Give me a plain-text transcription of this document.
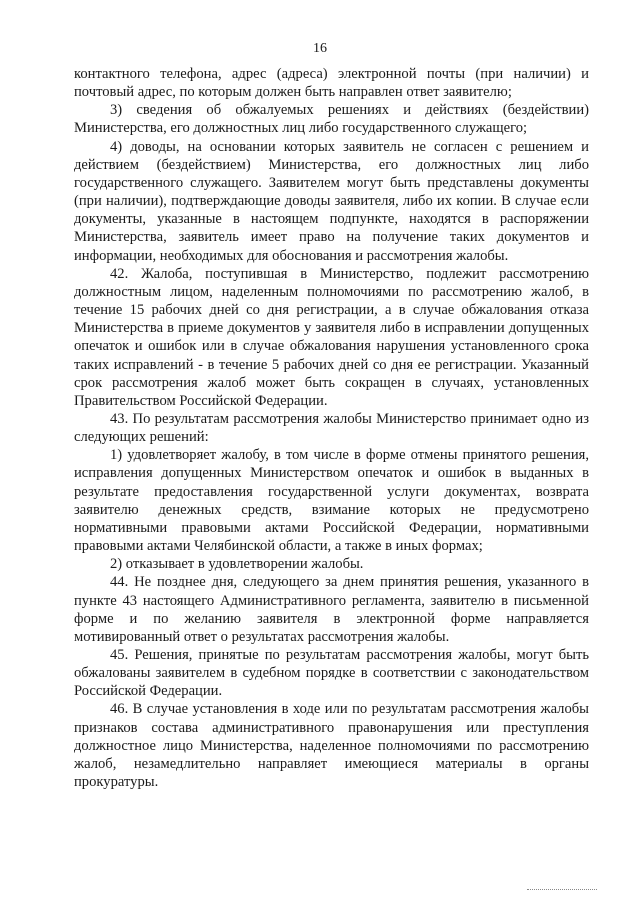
16

контактного телефона, адрес (адреса) электронной почты (при наличии) и почтовый адрес, по которым должен быть направлен ответ заявителю;

3) сведения об обжалуемых решениях и действиях (бездействии) Министерства, его должностных лиц либо государственного служащего;

4) доводы, на основании которых заявитель не согласен с решением и действием (бездействием) Министерства, его должностных лиц либо государственного служащего. Заявителем могут быть представлены документы (при наличии), подтверждающие доводы заявителя, либо их копии. В случае если документы, указанные в настоящем подпункте, находятся в распоряжении Министерства, заявитель имеет право на получение таких документов и информации, необходимых для обоснования и рассмотрения жалобы.

42. Жалоба, поступившая в Министерство, подлежит рассмотрению должностным лицом, наделенным полномочиями по рассмотрению жалоб, в течение 15 рабочих дней со дня регистрации, а в случае обжалования отказа Министерства в приеме документов у заявителя либо в исправлении допущенных опечаток и ошибок или в случае обжалования нарушения установленного срока таких исправлений - в течение 5 рабочих дней со дня ее регистрации. Указанный срок рассмотрения жалоб может быть сокращен в случаях, установленных Правительством Российской Федерации.

43. По результатам рассмотрения жалобы Министерство принимает одно из следующих решений:

1) удовлетворяет жалобу, в том числе в форме отмены принятого решения, исправления допущенных Министерством опечаток и ошибок в выданных в результате предоставления государственной услуги документах, возврата заявителю денежных средств, взимание которых не предусмотрено нормативными правовыми актами Российской Федерации, нормативными правовыми актами Челябинской области, а также в иных формах;

2) отказывает в удовлетворении жалобы.

44. Не позднее дня, следующего за днем принятия решения, указанного в пункте 43 настоящего Административного регламента, заявителю в письменной форме и по желанию заявителя в электронной форме направляется мотивированный ответ о результатах рассмотрения жалобы.

45. Решения, принятые по результатам рассмотрения жалобы, могут быть обжалованы заявителем в судебном порядке в соответствии с законодательством Российской Федерации.

46. В случае установления в ходе или по результатам рассмотрения жалобы признаков состава административного правонарушения или преступления должностное лицо Министерства, наделенное полномочиями по рассмотрению жалоб, незамедлительно направляет имеющиеся материалы в органы прокуратуры.
